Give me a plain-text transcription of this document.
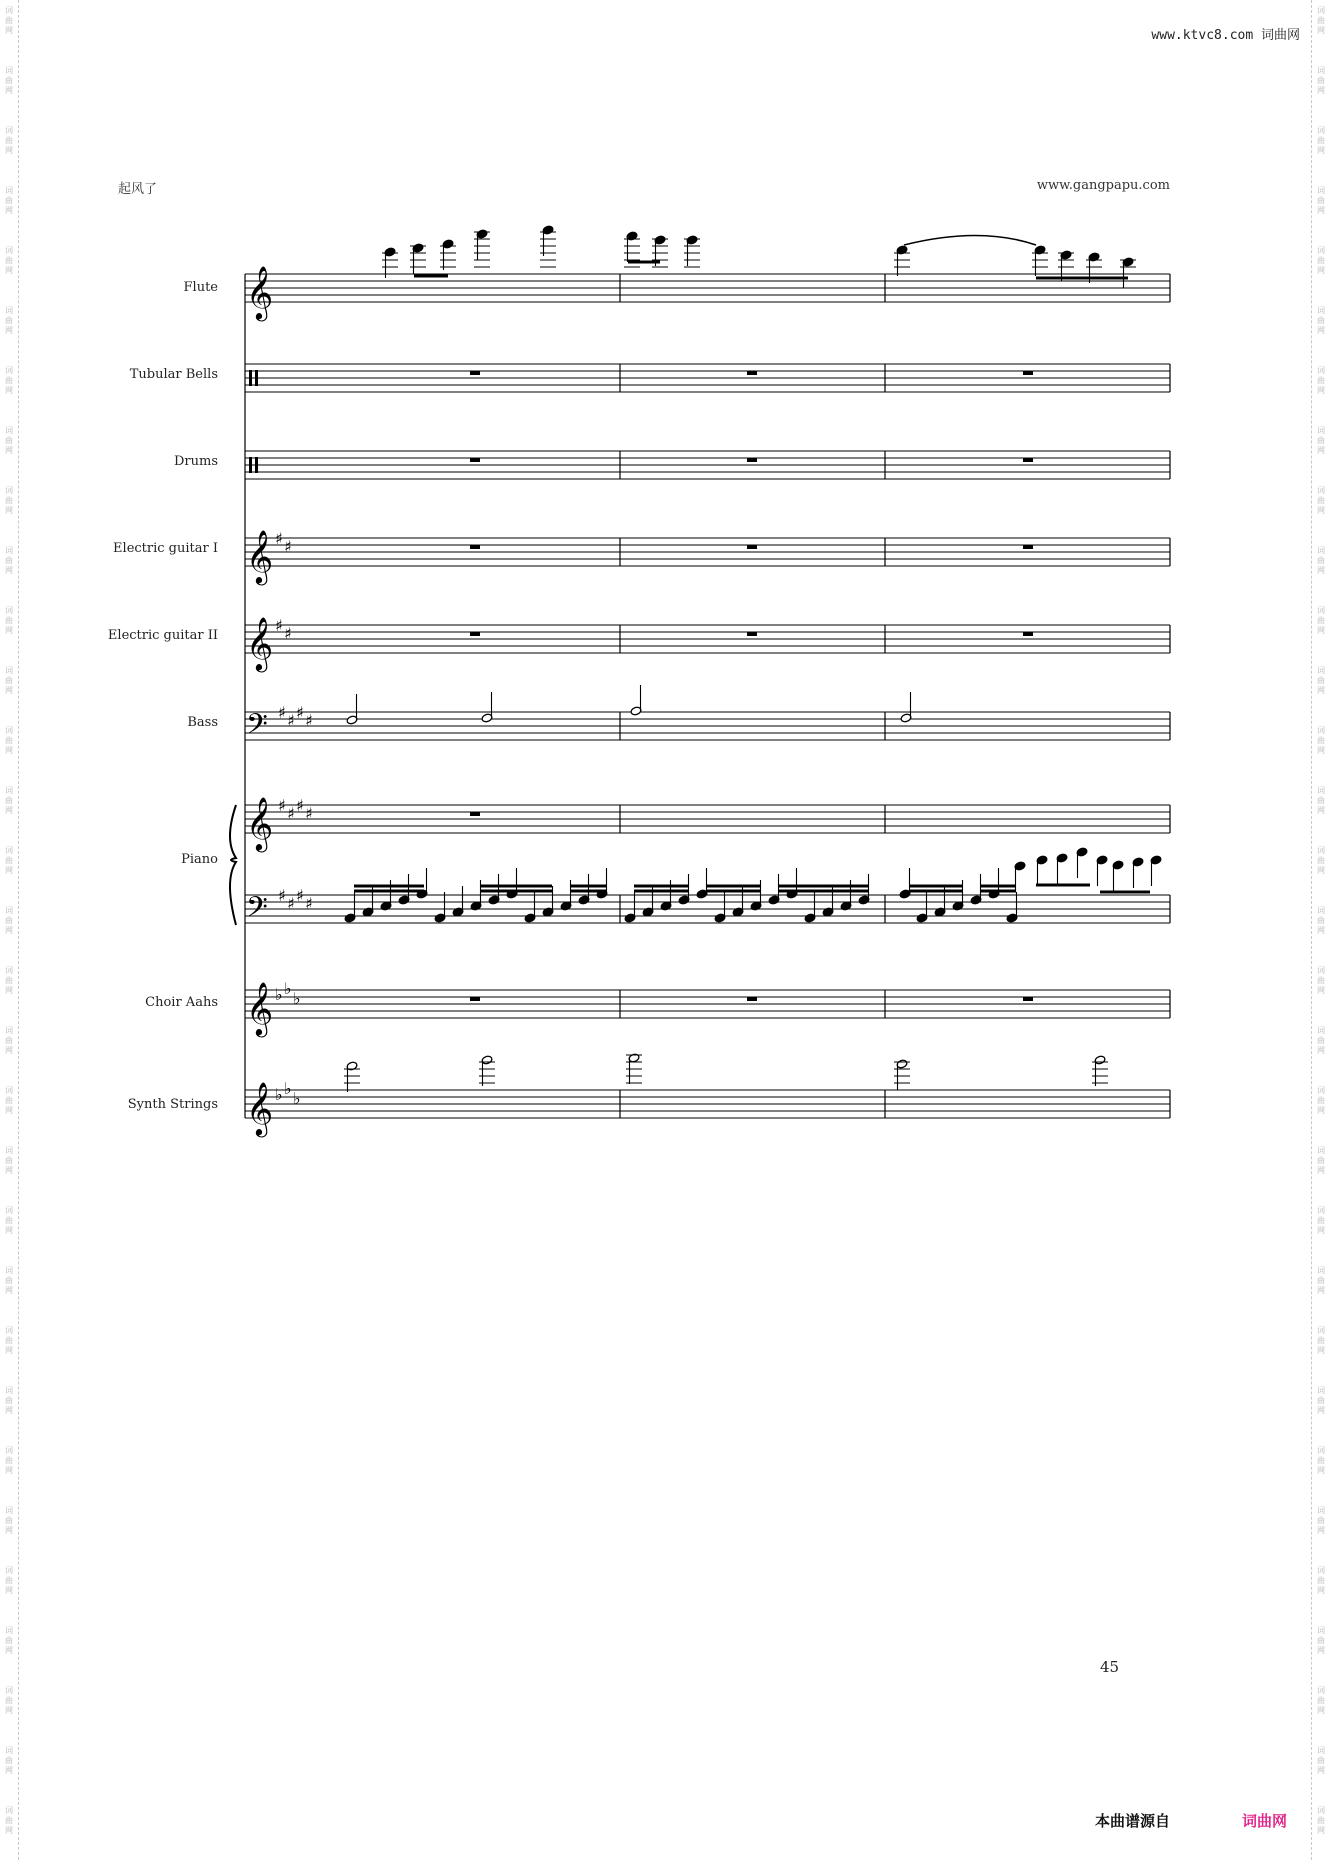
词
曲
网
词
曲
网
词
曲
网
词
曲
网
词
曲
网
词
曲
网
词
曲
网
词
曲
网
词
曲
网
词
曲
网
词
曲
网
词
曲
网
词
曲
网
词
曲
网
词
曲
网
词
曲
网
词
曲
网
词
曲
网
词
曲
网
词
曲
网
词
曲
网
词
曲
网
词
曲
网
词
曲
网
词
曲
网
词
曲
网
词
曲
网
词
曲
网
词
曲
网
词
曲
网
词
曲
网
词
曲
网
词
曲
网
词
曲
网
词
曲
网
词
曲
网
词
曲
网
词
曲
网
词
曲
网
词
曲
网
词
曲
网
词
曲
网
词
曲
网
词
曲
网
词
曲
网
词
曲
网
词
曲
网
词
曲
网
词
曲
网
词
曲
网
词
曲
网
词
曲
网
词
曲
网
词
曲
网
词
曲
网
词
曲
网
词
曲
网
词
曲
网
词
曲
网
词
曲
网
词
曲
网
词
曲
网
www.ktvc8.com 词曲网
起风了	www.gangpapu.com
Flute
Tubular Bells
Drums
Electric guitar I
Electric guitar II
Bass
Piano
Choir Aahs
Synth Strings
𝄞
𝄞
𝄞
𝄞
𝄞
𝄞
𝄢
𝄢
♯ ♯
♯ ♯
♯ ♯ ♯ ♯
♯ ♯ ♯ ♯
♯ ♯ ♯ ♯
♭ ♭
♭
♭ ♭
♭
45
本曲谱源自	词曲网
